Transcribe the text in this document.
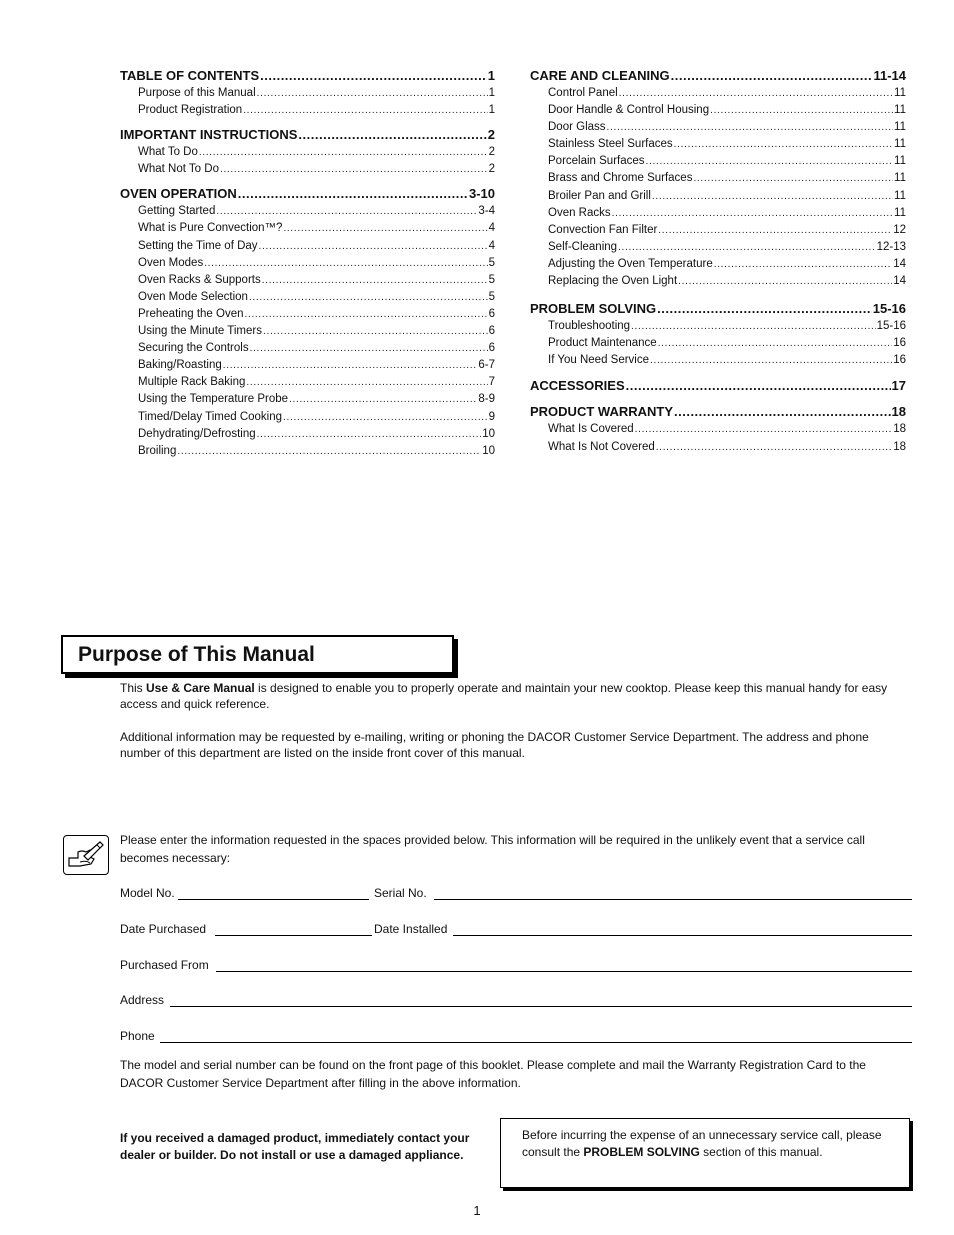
TABLE OF CONTENTS .....	1
Purpose of this Manual .....	1
Product Registration .....	1
IMPORTANT INSTRUCTIONS .....	2
What To Do .....	2
What Not To Do .....	2
OVEN OPERATION .....	3-10
Getting Started .....	3-4
What is Pure Convection™? .....	4
Setting the Time of Day .....	4
Oven Modes .....	5
Oven Racks & Supports .....	5
Oven Mode Selection .....	5
Preheating the Oven .....	6
Using the Minute Timers .....	6
Securing the Controls .....	6
Baking/Roasting .....	6-7
Multiple Rack Baking .....	7
Using the Temperature Probe .....	8-9
Timed/Delay Timed Cooking .....	9
Dehydrating/Defrosting .....	10
Broiling .....	10
CARE AND CLEANING .....	11-14
Control Panel .....	11
Door Handle & Control Housing .....	11
Door Glass .....	11
Stainless Steel Surfaces .....	11
Porcelain Surfaces .....	11
Brass and Chrome Surfaces .....	11
Broiler Pan and Grill .....	11
Oven Racks .....	11
Convection Fan Filter .....	12
Self-Cleaning .....	12-13
Adjusting the Oven Temperature .....	14
Replacing the Oven Light .....	14
PROBLEM SOLVING .....	15-16
Troubleshooting .....	15-16
Product Maintenance .....	16
If You Need Service .....	16
ACCESSORIES .....	17
PRODUCT WARRANTY .....	18
What Is Covered .....	18
What Is Not Covered .....	18
Purpose of This Manual
This Use & Care Manual is designed to enable you to properly operate and maintain your new cooktop. Please keep this manual handy for easy access and quick reference.
Additional information may be requested by e-mailing, writing or phoning the DACOR Customer Service Department. The address and phone number of this department are listed on the inside front cover of this manual.
Please enter the information requested in the spaces provided below. This information will be required in the unlikely event that a service call becomes necessary:
Model No.	Serial No.
Date Purchased	Date Installed
Purchased From
Address
Phone
The model and serial number can be found on the front page of this booklet. Please complete and mail the Warranty Registration Card to the DACOR Customer Service Department after filling in the above information.
If you received a damaged product, immediately contact your dealer or builder. Do not install or use a damaged appliance.

Before incurring the expense of an unnecessary service call, please consult the PROBLEM SOLVING section of this manual.

1
